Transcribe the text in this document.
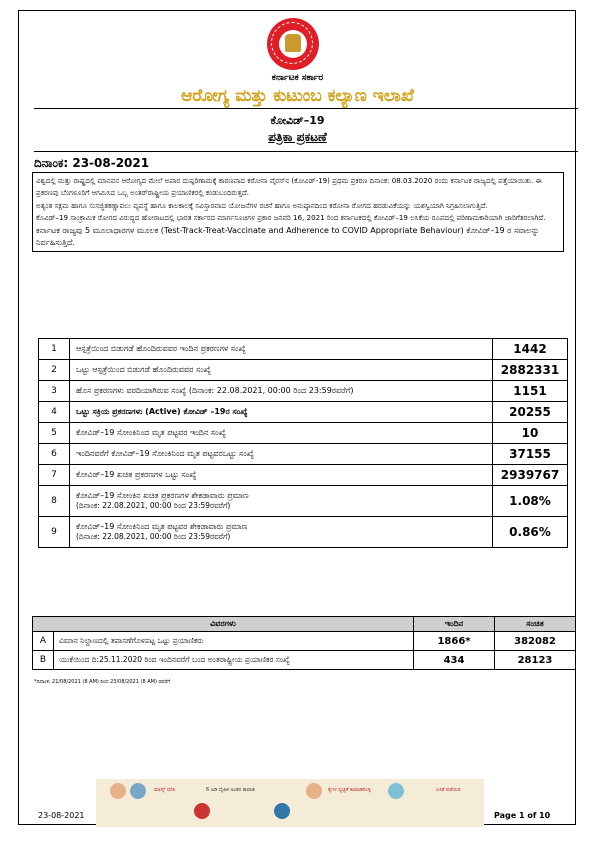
ಕರ್ನಾಟಕ ಸರ್ಕಾರ
ಆರೋಗ್ಯ ಮತ್ತು ಕುಟುಂಬ ಕಲ್ಯಾಣ ಇಲಾಖೆ
ಕೋವಿಡ್–19
ಪತ್ರಿಕಾ ಪ್ರಕಟಣೆ
ದಿನಾಂಕ: 23-08-2021

ವಿಶ್ವದಲ್ಲಿ ಮತ್ತು ರಾಷ್ಟ್ರದಲ್ಲಿ ಮಾನವನ ಆರೋಗ್ಯದ ಮೇಲೆ ಅಪಾರ ದುಷ್ಪರಿಣಾಮಕ್ಕೆ ಕಾರಣವಾದ ಕರೋನಾ ವೈರಸ್‌ನ (ಕೋವಿಡ್-19) ಪ್ರಥಮ ಪ್ರಕರಣ ದಿನಾಂಕ: 08.03.2020 ರಂದು ಕರ್ನಾಟಕ ರಾಜ್ಯದಲ್ಲಿ ಪತ್ತೆಯಾಯಿತು. ಈ ಪ್ರಕರಣವು ಬೆಂಗಳೂರಿಗೆ ಆಗಮಿಸಿದ ಒಬ್ಬ ಅಂತರ್‌ರಾಷ್ಟ್ರೀಯ ಪ್ರಯಾಣಿಕರಲ್ಲಿ ಕಂಡುಬಂದಿರುತ್ತದೆ.

ಅತ್ಯಂತ ಸಕ್ಷಮ ಹಾಗೂ ಸುಸಜ್ಜಿತಕಣ್ಣಾವಲು ವ್ಯವಸ್ಥೆ ಹಾಗೂ ಕಾಲಕಾಲಕ್ಕೆ ಸವಿಸ್ತಾರವಾದ ಯೋಜನೆಗಳ ರಚನೆ ಹಾಗೂ ಅನುಷ್ಠಾನದಿಂದ ಕರೋನಾ ರೋಗದ ಹರಡುವಿಕೆಯನ್ನು ಯಶಸ್ವಿಯಾಗಿ ನಿಗ್ರಹಿಸಲಾಗುತ್ತಿದೆ.

ಕೊವಿಡ್–19 ಸಾಂಕ್ರಾಮಿಕ ರೋಗದ ವಿರುದ್ಧದ ಹೋರಾಟದಲ್ಲಿ ಭಾರತ ಸರ್ಕಾರದ ಮಾರ್ಗಸೂಚಿಗಳ ಪ್ರಕಾರ ಜನವರಿ 16, 2021 ರಿಂದ ಕರ್ನಾಟಕದಲ್ಲಿ ಕೋವಿಡ್–19 ಲಸಿಕೆಯ ರೂಪದಲ್ಲಿ ಪರಿಣಾಮಕಾರಿಯಾಗಿ ಜಾರಿಗೆತರಲಾಗಿದೆ.

ಕರ್ನಾಟಕ ರಾಜ್ಯವು 5 ಮೂಲಾಧಾರಗಳ ಮೂಲಕ (Test-Track-Treat-Vaccinate and Adherence to COVID Appropriate Behaviour) ಕೋವಿಡ್–19 ರ ಸವಾಲನ್ನು ನಿರ್ವಹಿಸುತ್ತಿದೆ.

1	ಆಸ್ಪತ್ರೆಯಿಂದ ಬಿಡುಗಡೆ ಹೊಂದಿರುವವರ ಇಂದಿನ ಪ್ರಕರಣಗಳ ಸಂಖ್ಯೆ	1442
2	ಒಟ್ಟು ಆಸ್ಪತ್ರೆಯಿಂದ ಬಿಡುಗಡೆ ಹೊಂದಿರುವವರ ಸಂಖ್ಯೆ	2882331
3	ಹೊಸ ಪ್ರಕರಣಗಳು ವರದಿಯಾಗಿರುವ ಸಂಖ್ಯೆ (ದಿನಾಂಕ: 22.08.2021, 00:00 ರಿಂದ 23:59ರವರೆಗೆ)	1151
4	ಒಟ್ಟು ಸಕ್ರಿಯ ಪ್ರಕರಣಗಳು (Active) ಕೋವಿಡ್ –19ರ ಸಂಖ್ಯೆ	20255
5	ಕೋವಿಡ್–19 ಸೋಂಕಿನಿಂದ ಮೃತ ಪಟ್ಟವರ ಇಂದಿನ ಸಂಖ್ಯೆ	10
6	ಇಂದಿನವರೆಗೆ ಕೋವಿಡ್–19 ಸೋಂಕಿನಿಂದ ಮೃತ ಪಟ್ಟವರಒಟ್ಟು ಸಂಖ್ಯೆ	37155
7	ಕೋವಿಡ್–19 ಖಚಿತ ಪ್ರಕರಣಗಳ ಒಟ್ಟು ಸಂಖ್ಯೆ	2939767
8	ಕೋವಿಡ್–19 ಸೋಂಕಿನ ಖಚಿತ ಪ್ರಕರಣಗಳ ಶೇಕಡಾವಾರು ಪ್ರಮಾಣ
(ದಿನಾಂಕ: 22.08.2021, 00:00 ರಿಂದ 23:59ರವರೆಗೆ)	1.08%
9	ಕೋವಿಡ್–19 ಸೋಂಕಿನಿಂದ ಮೃತ ಪಟ್ಟವರ ಶೇಕಡಾವಾರು ಪ್ರಮಾಣ
(ದಿನಾಂಕ: 22.08.2021, 00:00 ರಿಂದ 23:59ರವರೆಗೆ)	0.86%
ವಿವರಗಳು		ಇಂದಿನ	ಸಂಚಿತ
A	ವಿಮಾನ ನಿಲ್ದಾಣದಲ್ಲಿ ತಪಾಸಣೆಗೊಳಪಟ್ಟ ಒಟ್ಟು ಪ್ರಯಾಣಿಕರು	1866*	382082
B	ಯುಕೆಯಿಂದ ದಿ:25.11.2020 ರಿಂದ ಇಂದಿನವರೆಗೆ ಬಂದ ಅಂತರಾಷ್ಟ್ರೀಯ ಪ್ರಯಾಣಿಕರ ಸಂಖ್ಯೆ	434	28123
*ದಿನಾಂಕ: 21/08/2021 (8 AM) ರಿಂದ 23/08/2021 (8 AM) ರವರೆಗೆ
ಮಾಸ್ಕ್ ಧರಿಸಿ	6 ಅಡಿ ದೈಹಿಕ ಅಂತರ ಕಾಪಾಡಿ	ಕೈಗಳ ಸ್ವಚ್ಛತೆ ಕಾಪಾಡಿಕೊಳ್ಳಿ	ಲಸಿಕೆ ಪಡೆಯಿರಿ
23-08-2021	Page 1 of 10
